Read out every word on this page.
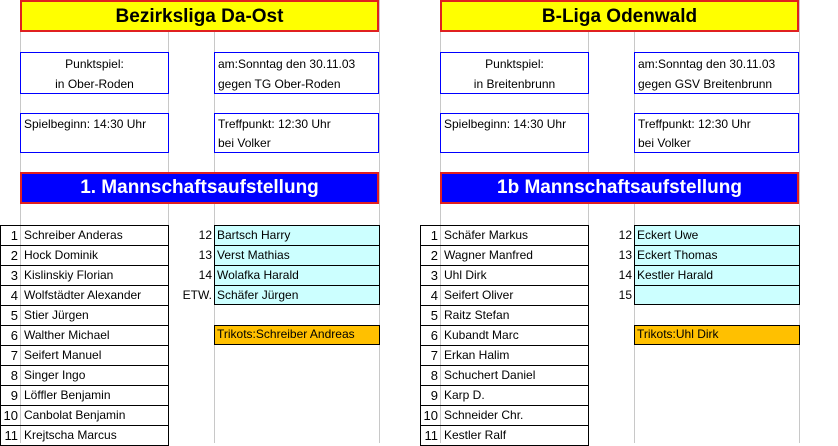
Bezirksliga Da-Ost
Punktspiel:	am:Sonntag den 30.11.03
in Ober-Roden	gegen TG Ober-Roden
Spielbeginn: 14:30 Uhr	Treffpunkt: 12:30 Uhr
bei Volker
1. Mannschaftsaufstellung
1 Schreiber Anderas
2 Hock Dominik
3 Kislinskiy Florian
4 Wolfstädter Alexander
5 Stier Jürgen
6 Walther Michael
7 Seifert Manuel
8 Singer Ingo
9 Löffler Benjamin
10 Canbolat Benjamin
11 Krejtscha Marcus
12 Bartsch Harry
13 Verst Mathias
14 Wolafka Harald
ETW. Schäfer Jürgen
Trikots:Schreiber Andreas
B-Liga Odenwald
Punktspiel:	am:Sonntag den 30.11.03
in Breitenbrunn	gegen GSV Breitenbrunn
Spielbeginn: 14:30 Uhr	Treffpunkt: 12:30 Uhr
bei Volker
1b Mannschaftsaufstellung
1 Schäfer Markus
2 Wagner Manfred
3 Uhl Dirk
4 Seifert Oliver
5 Raitz Stefan
6 Kubandt Marc
7 Erkan Halim
8 Schuchert Daniel
9 Karp D.
10 Schneider Chr.
11 Kestler Ralf
12 Eckert Uwe
13 Eckert Thomas
14 Kestler Harald
15
Trikots:Uhl Dirk
